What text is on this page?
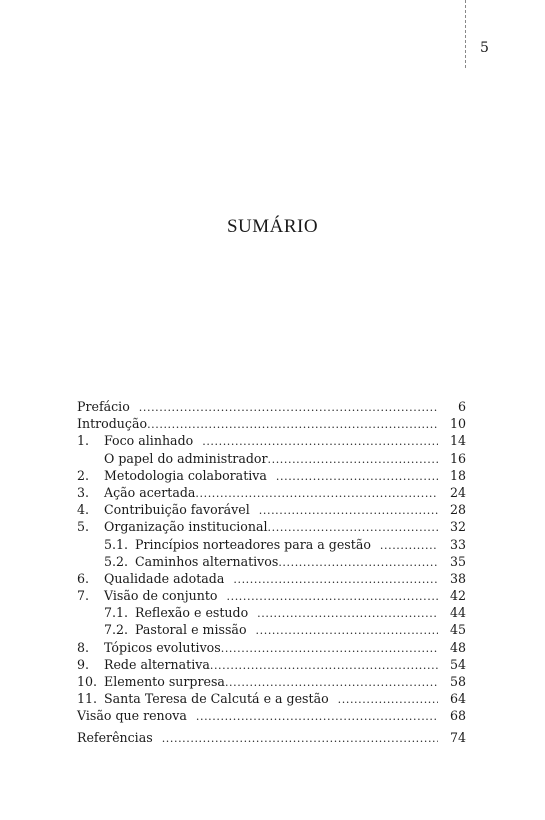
5
SUMÁRIO
Prefácio .....	6
Introdução .....	10
1.	Foco alinhado .....	14
O papel do administrador .....	16
2.	Metodologia colaborativa .....	18
3.	Ação acertada .....	24
4.	Contribuição favorável .....	28
5.	Organização institucional .....	32
5.1. Princípios norteadores para a gestão .....	33
5.2. Caminhos alternativos .....	35
6.	Qualidade adotada .....	38
7.	Visão de conjunto .....	42
7.1. Reflexão e estudo .....	44
7.2. Pastoral e missão .....	45
8.	Tópicos evolutivos .....	48
9.	Rede alternativa .....	54
10. Elemento surpresa .....	58
11. Santa Teresa de Calcutá e a gestão .....	64
Visão que renova .....	68
Referências .....	74
